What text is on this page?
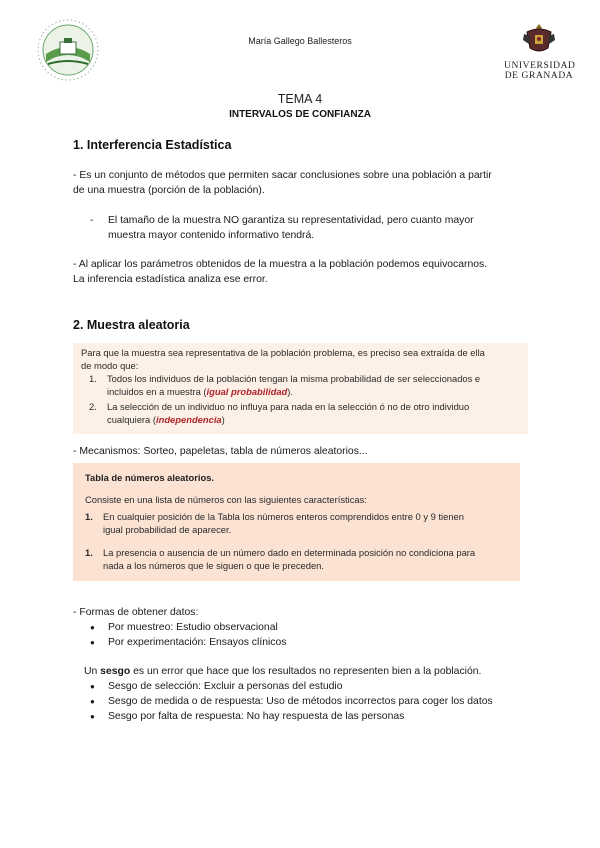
María Gallego Ballesteros
UNIVERSIDAD
DE GRANADA
TEMA 4
INTERVALOS DE CONFIANZA
1. Interferencia Estadística
- Es un conjunto de métodos que permiten sacar conclusiones sobre una población a partir
de una muestra (porción de la población).
-	El tamaño de la muestra NO garantiza su representatividad, pero cuanto mayor
muestra mayor contenido informativo tendrá.
- Al aplicar los parámetros obtenidos de la muestra a la población podemos equivocarnos.
La inferencia estadística analiza ese error.
2. Muestra aleatoria
Para que la muestra sea representativa de la población problema, es preciso sea extraída de ella
de modo que:
1.	Todos los individuos de la población tengan la misma probabilidad de ser seleccionados e
incluidos en a muestra (igual probabilidad).
2.	La selección de un individuo no influya para nada en la selección ó no de otro individuo
cualquiera (independencia)
- Mecanismos: Sorteo, papeletas, tabla de números aleatorios...
Tabla de números aleatorios.
Consiste en una lista de números con las siguientes características:
1.	En cualquier posición de la Tabla los números enteros comprendidos entre 0 y 9 tienen
igual probabilidad de aparecer.
1.	La presencia o ausencia de un número dado en determinada posición no condiciona para
nada a los números que le siguen o que le preceden.
- Formas de obtener datos:
●	Por muestreo: Estudio observacional
●	Por experimentación: Ensayos clínicos
Un sesgo es un error que hace que los resultados no representen bien a la población.
●	Sesgo de selección: Excluir a personas del estudio
●	Sesgo de medida o de respuesta: Uso de métodos incorrectos para coger los datos
●	Sesgo por falta de respuesta: No hay respuesta de las personas
